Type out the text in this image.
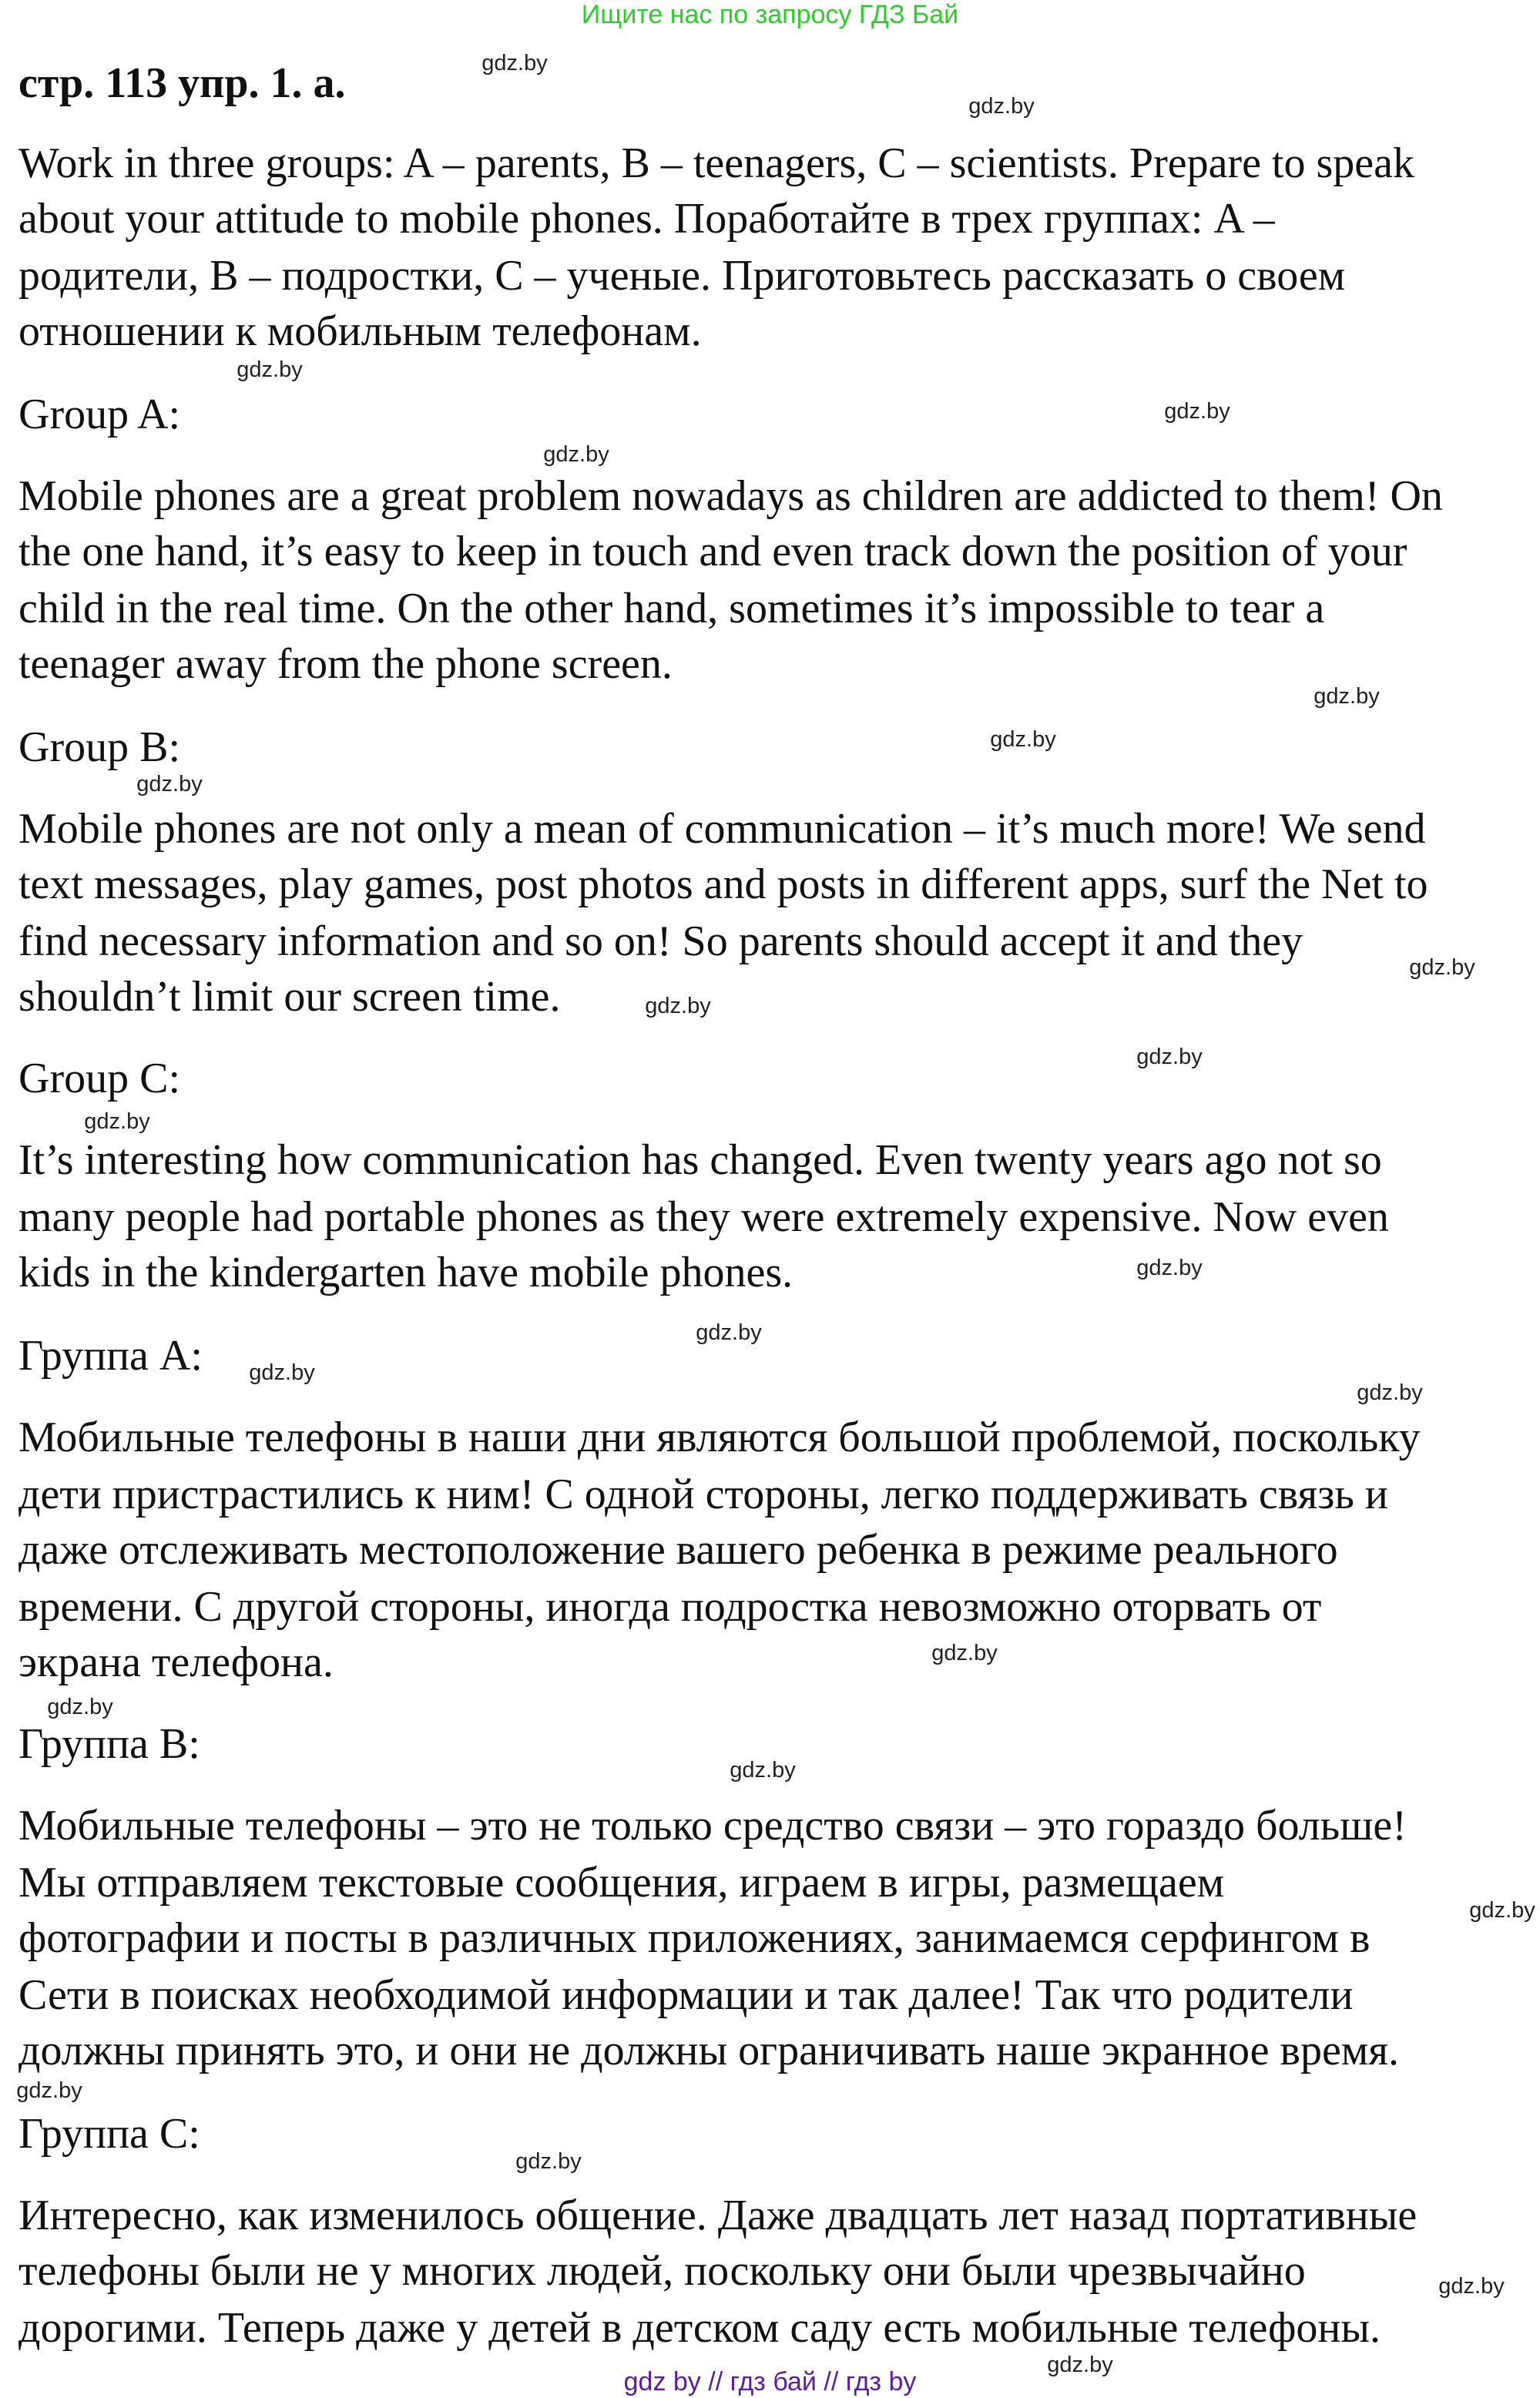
Ищите нас по запросу ГДЗ Бай
стр. 113 упр. 1. а.
Work in three groups: A – parents, B – teenagers, C – scientists. Prepare to speak
about your attitude to mobile phones. Поработайте в трех группах: A –
родители, B – подростки, C – ученые. Приготовьтесь рассказать о своем
отношении к мобильным телефонам.
Group A:
Mobile phones are a great problem nowadays as children are addicted to them! On
the one hand, it’s easy to keep in touch and even track down the position of your
child in the real time. On the other hand, sometimes it’s impossible to tear a
teenager away from the phone screen.
Group B:
Mobile phones are not only a mean of communication – it’s much more! We send
text messages, play games, post photos and posts in different apps, surf the Net to
find necessary information and so on! So parents should accept it and they
shouldn’t limit our screen time.
Group C:
It’s interesting how communication has changed. Even twenty years ago not so
many people had portable phones as they were extremely expensive. Now even
kids in the kindergarten have mobile phones.
Группа А:
Мобильные телефоны в наши дни являются большой проблемой, поскольку
дети пристрастились к ним! С одной стороны, легко поддерживать связь и
даже отслеживать местоположение вашего ребенка в режиме реального
времени. С другой стороны, иногда подростка невозможно оторвать от
экрана телефона.
Группа В:
Мобильные телефоны – это не только средство связи – это гораздо больше!
Мы отправляем текстовые сообщения, играем в игры, размещаем
фотографии и посты в различных приложениях, занимаемся серфингом в
Сети в поисках необходимой информации и так далее! Так что родители
должны принять это, и они не должны ограничивать наше экранное время.
Группа С:
Интересно, как изменилось общение. Даже двадцать лет назад портативные
телефоны были не у многих людей, поскольку они были чрезвычайно
дорогими. Теперь даже у детей в детском саду есть мобильные телефоны.
gdz.by
gdz.by
gdz.by
gdz.by
gdz.by
gdz.by
gdz.by
gdz.by
gdz.by
gdz.by
gdz.by
gdz.by
gdz.by
gdz.by
gdz.by
gdz.by
gdz.by
gdz.by
gdz.by
gdz.by
gdz.by
gdz.by
gdz.by
gdz.by
gdz by // гдз бай // гдз by
